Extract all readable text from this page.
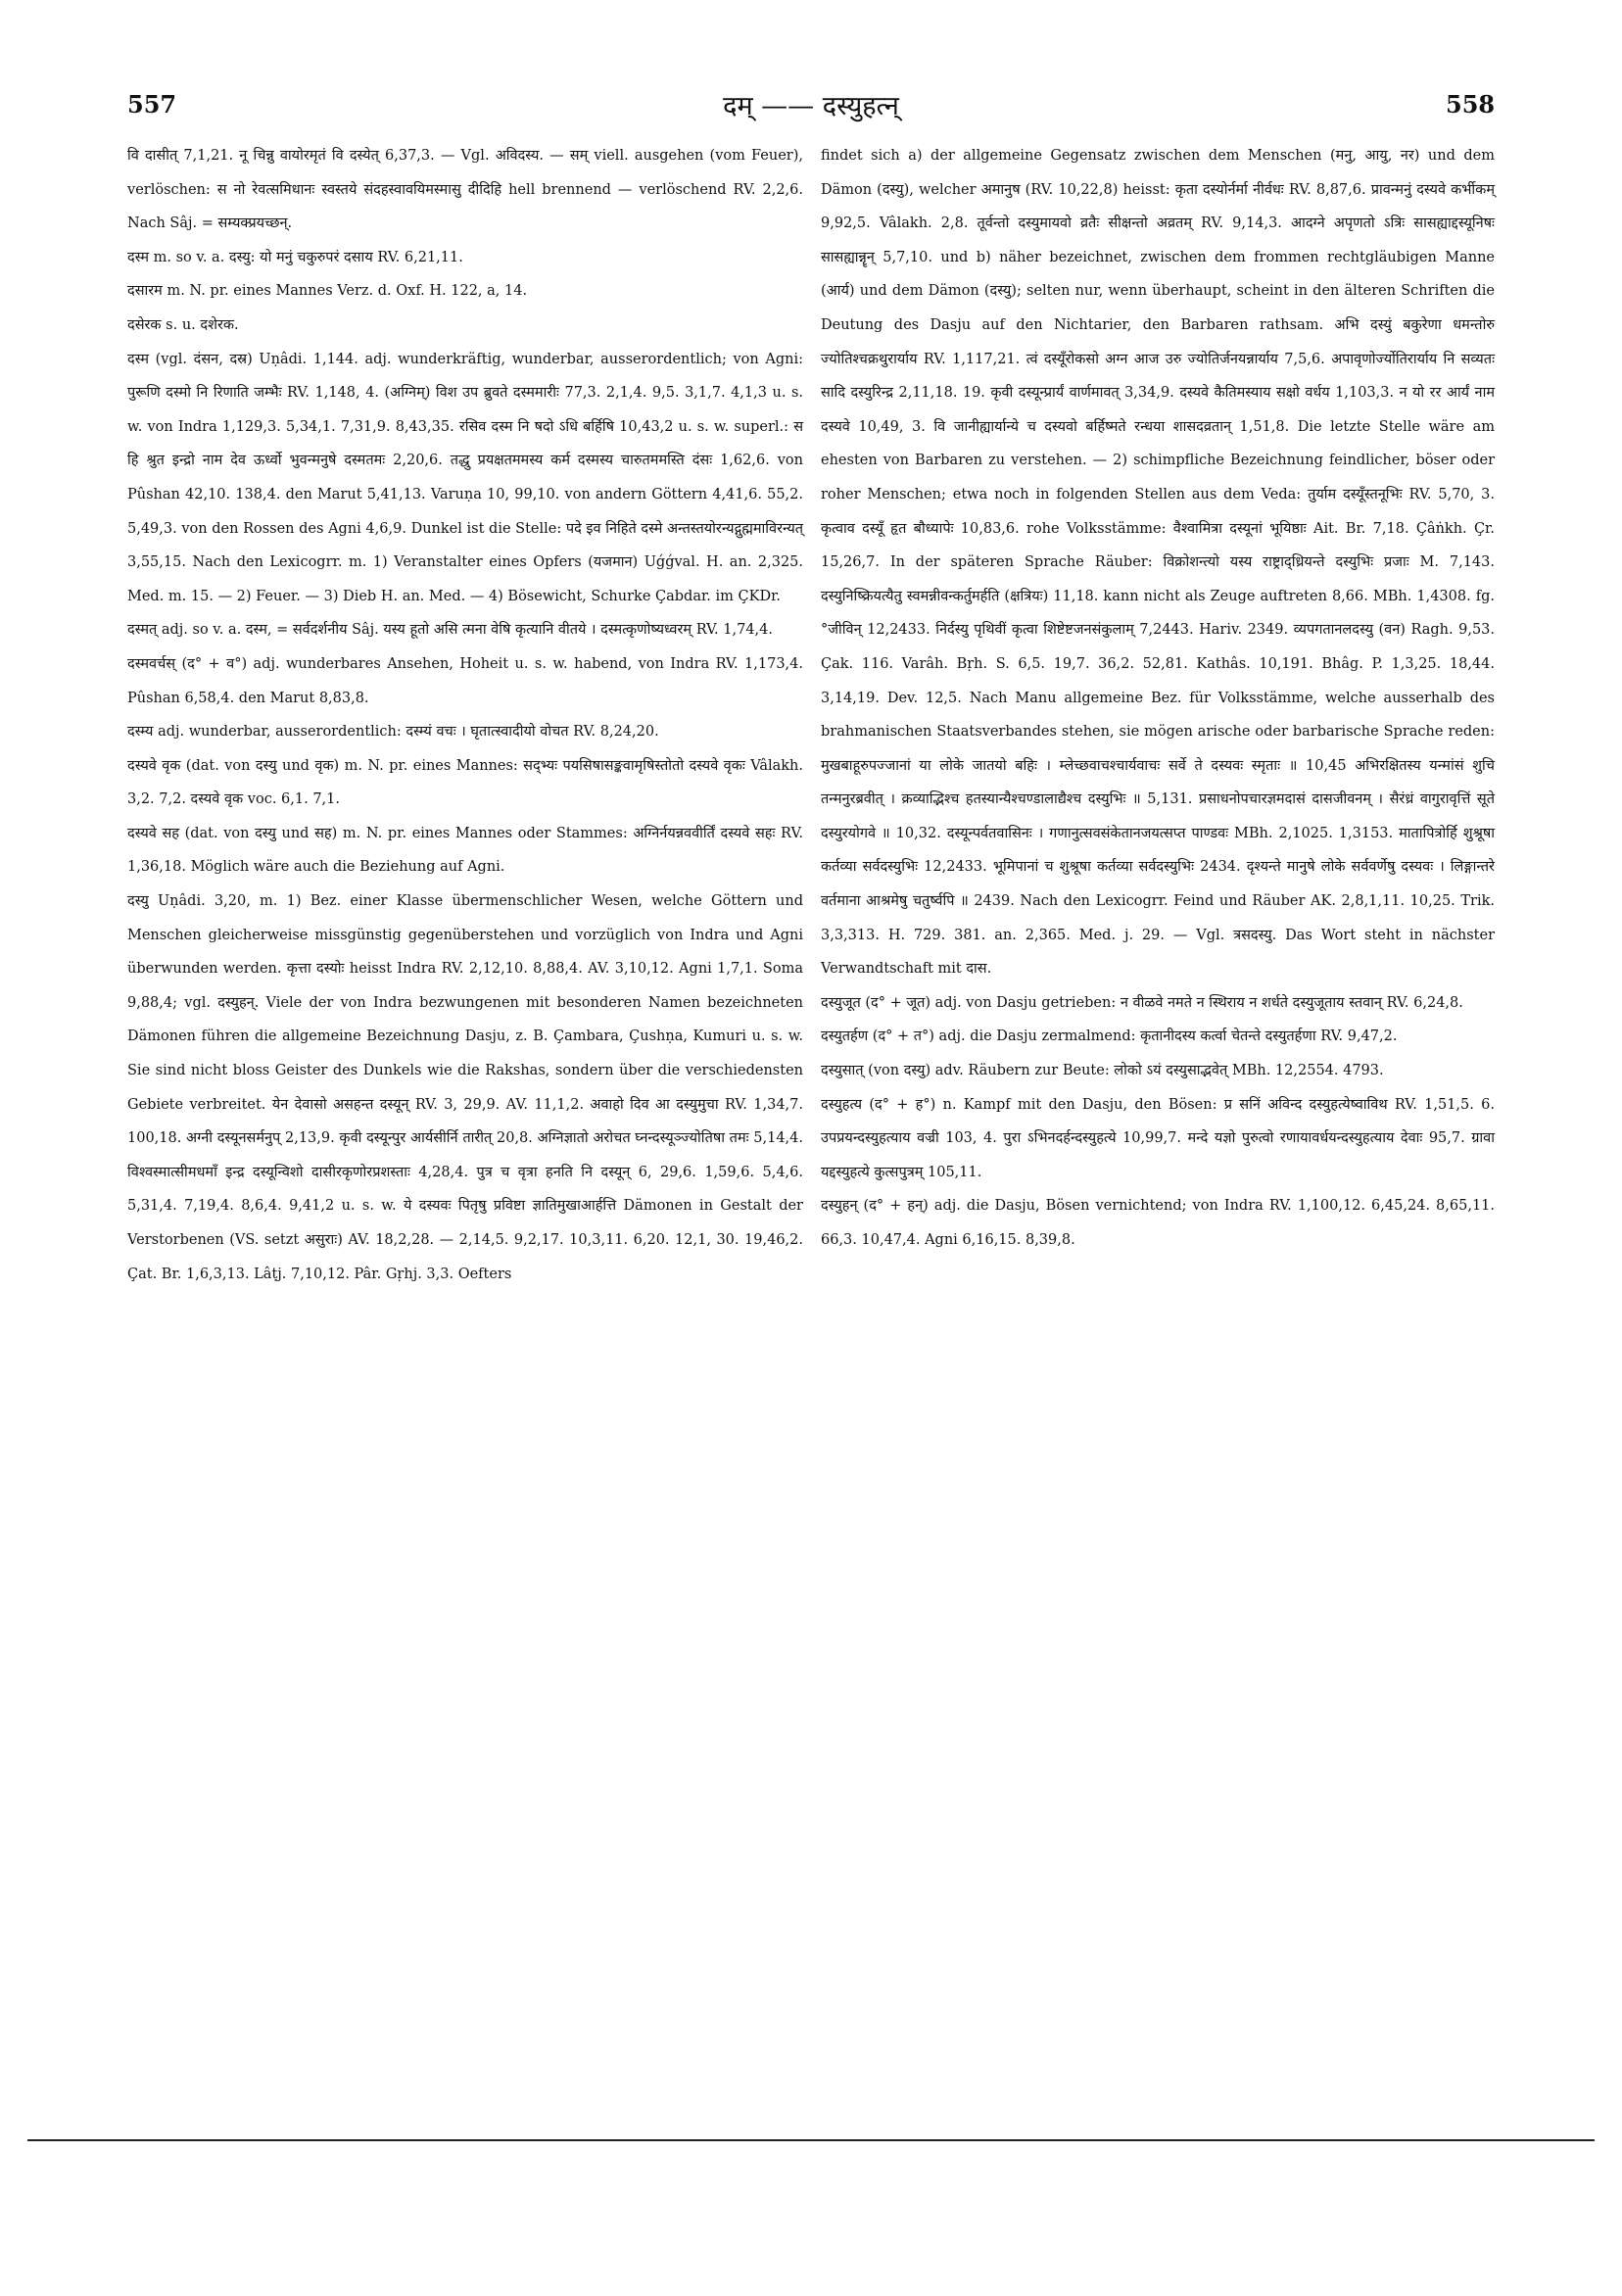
557	दम् —— दस्युहत्न्	558

वि दासीत् 7,1,21. नू चिन्नु वायोरमृतं वि दस्येत् 6,37,3. — Vgl. अविदस्य. — सम् viell. ausgehen (vom Feuer), verlöschen: स नो रेवत्समिधानः स्वस्तये संदहस्वावयिमस्मासु दीदिहि hell brennend — verlöschend RV. 2,2,6. Nach Sâj. = सम्यक्प्रयच्छन्.

दस्म m. so v. a. दस्यु: यो मनुं चकुरुपरं दसाय RV. 6,21,11.

दसारम m. N. pr. eines Mannes Verz. d. Oxf. H. 122, a, 14.

दसेरक s. u. दशेरक.

दस्म (vgl. दंसन, दस्र) Uṇâdi. 1,144. adj. wunderkräftig, wunderbar, ausserordentlich; von Agni: पुरूणि दस्मो नि रिणाति जम्भैः RV. 1,148, 4. (अग्निम्) विश उप ब्रुवते दस्ममारीः 77,3. 2,1,4. 9,5. 3,1,7. 4,1,3 u. s. w. von Indra 1,129,3. 5,34,1. 7,31,9. 8,43,35. रसिव दस्म नि षदो ऽधि बर्हिषि 10,43,2 u. s. w. superl.: स हि श्रुत इन्द्रो नाम देव ऊर्ध्वो भुवन्मनुषे दस्मतमः 2,20,6. तद्धु प्रयक्षतममस्य कर्म दस्मस्य चारुतममस्ति दंसः 1,62,6. von Pûshan 42,10. 138,4. den Marut 5,41,13. Varuṇa 10, 99,10. von andern Göttern 4,41,6. 55,2. 5,49,3. von den Rossen des Agni 4,6,9. Dunkel ist die Stelle: पदे इव निहिते दस्मे अन्तस्तयोरन्यद्गुह्ममाविरन्यत् 3,55,15. Nach den Lexicogrr. m. 1) Veranstalter eines Opfers (यजमान) Uǵǵval. H. an. 2,325. Med. m. 15. — 2) Feuer. — 3) Dieb H. an. Med. — 4) Bösewicht, Schurke Çabdar. im ÇKDr.

दस्मत् adj. so v. a. दस्म, = सर्वदर्शनीय Sâj. यस्य हूतो असि त्मना वेषि कृत्यानि वीतये । दस्मत्कृणोष्यध्वरम् RV. 1,74,4.

दस्मवर्चस् (द° + व°) adj. wunderbares Ansehen, Hoheit u. s. w. habend, von Indra RV. 1,173,4. Pûshan 6,58,4. den Marut 8,83,8.

दस्म्य adj. wunderbar, ausserordentlich: दस्म्यं वचः । घृतात्स्वादीयो वोचत RV. 8,24,20.

दस्यवे वृक (dat. von दस्यु und वृक) m. N. pr. eines Mannes: सद्भ्यः पयसिषासङ्कवामृषिस्तोतो दस्यवे वृकः Vâlakh. 3,2. 7,2. दस्यवे वृक voc. 6,1. 7,1.

दस्यवे सह (dat. von दस्यु und सह) m. N. pr. eines Mannes oder Stammes: अग्निर्नयन्नववीर्तिं दस्यवे सहः RV. 1,36,18. Möglich wäre auch die Beziehung auf Agni.

दस्यु Uṇâdi. 3,20, m. 1) Bez. einer Klasse übermenschlicher Wesen, welche Göttern und Menschen gleicherweise missgünstig gegenüberstehen und vorzüglich von Indra und Agni überwunden werden. कृत्ता दस्योः heisst Indra RV. 2,12,10. 8,88,4. AV. 3,10,12. Agni 1,7,1. Soma 9,88,4; vgl. दस्युहन्. Viele der von Indra bezwungenen mit besonderen Namen bezeichneten Dämonen führen die allgemeine Bezeichnung Dasju, z. B. Çambara, Çushṇa, Kumuri u. s. w. Sie sind nicht bloss Geister des Dunkels wie die Rakshas, sondern über die verschiedensten Gebiete verbreitet. येन देवासो असहन्त दस्यून् RV. 3, 29,9. AV. 11,1,2. अवाहो दिव आ दस्युमुचा RV. 1,34,7. 100,18. अग्नी दस्यूनसर्मनुप् 2,13,9. कृवी दस्यून्पुर आर्यसीर्नि तारीत् 20,8. अग्निज्ञातो अरोचत घ्नन्दस्यूञ्ज्योतिषा तमः 5,14,4. विश्वस्मात्सीमधमाँ इन्द्र दस्यून्विशो दासीरकृणोरप्रशस्ताः 4,28,4. पुत्र च वृत्रा हनति नि दस्यून् 6, 29,6. 1,59,6. 5,4,6. 5,31,4. 7,19,4. 8,6,4. 9,41,2 u. s. w. ये दस्यवः पितृषु प्रविष्टा ज्ञातिमुखाआर्हत्ति Dämonen in Gestalt der Verstorbenen (VS. setzt असुराः) AV. 18,2,28. — 2,14,5. 9,2,17. 10,3,11. 6,20. 12,1, 30. 19,46,2. Çat. Br. 1,6,3,13. Lâṭj. 7,10,12. Pâr. Gṛhj. 3,3. Oefters

findet sich a) der allgemeine Gegensatz zwischen dem Menschen (मनु, आयु, नर) und dem Dämon (दस्यु), welcher अमानुष (RV. 10,22,8) heisst: कृता दस्योर्नर्मा नीर्वधः RV. 8,87,6. प्रावन्मनुं दस्यवे कर्भीकम् 9,92,5. Vâlakh. 2,8. तूर्वन्तो दस्युमायवो व्रतैः सीक्षन्तो अव्रतम् RV. 9,14,3. आदग्ने अपृणतो ऽत्रिः सासह्याद्दस्यूनिषः सासह्यान्नॄन् 5,7,10. und b) näher bezeichnet, zwischen dem frommen rechtgläubigen Manne (आर्य) und dem Dämon (दस्यु); selten nur, wenn überhaupt, scheint in den älteren Schriften die Deutung des Dasju auf den Nichtarier, den Barbaren rathsam. अभि दस्युं बकुरेणा धमन्तोरु ज्योतिश्चक्रथुरार्याय RV. 1,117,21. त्वं दस्यूँरोकसो अग्न आज उरु ज्योतिर्जनयन्नार्याय 7,5,6. अपावृणोर्ज्योतिरार्याय नि सव्यतः सादि दस्युरिन्द्र 2,11,18. 19. कृवी दस्यून्प्रार्यं वार्णमावत् 3,34,9. दस्यवे कैतिमस्याय सक्षो वर्धय 1,103,3. न यो रर आर्यं नाम दस्यवे 10,49, 3. वि जानीह्यार्यान्ये च दस्यवो बर्हिष्मते रन्धया शासदव्रतान् 1,51,8. Die letzte Stelle wäre am ehesten von Barbaren zu verstehen. — 2) schimpfliche Bezeichnung feindlicher, böser oder roher Menschen; etwa noch in folgenden Stellen aus dem Veda: तुर्याम दस्यूँस्तनूभिः RV. 5,70, 3. कृत्वाव दस्यूँ हृत बौध्यापेः 10,83,6. rohe Volksstämme: वैश्वामित्रा दस्यूनां भूयिष्ठाः Ait. Br. 7,18. Çâṅkh. Çr. 15,26,7. In der späteren Sprache Räuber: विक्रोशन्त्यो यस्य राष्ट्राद्ध्रियन्ते दस्युभिः प्रजाः M. 7,143. दस्युनिष्क्रियत्यैतु स्वमन्नीवन्कर्तुमर्हति (क्षत्रियः) 11,18. kann nicht als Zeuge auftreten 8,66. MBh. 1,4308. fg. °जीविन् 12,2433. निर्दस्यु पृथिवीं कृत्वा शिष्टेष्टजनसंकुलाम् 7,2443. Hariv. 2349. व्यपगतानलदस्यु (वन) Ragh. 9,53. Çak. 116. Varâh. Bṛh. S. 6,5. 19,7. 36,2. 52,81. Kathâs. 10,191. Bhâg. P. 1,3,25. 18,44. 3,14,19. Dev. 12,5. Nach Manu allgemeine Bez. für Volksstämme, welche ausserhalb des brahmanischen Staatsverbandes stehen, sie mögen arische oder barbarische Sprache reden: मुखबाहूरुपज्जानां या लोके जातयो बहिः । म्लेच्छवाचश्चार्यवाचः सर्वे ते दस्यवः स्मृताः ॥ 10,45 अभिरक्षितस्य यन्मांसं शुचि तन्मनुरब्रवीत् । क्रव्याद्भिश्च हतस्यान्यैश्चण्डालाद्यैश्च दस्युभिः ॥ 5,131. प्रसाधनोपचारज्ञमदासं दासजीवनम् । सैरंध्रं वागुरावृत्तिं सूते दस्युरयोगवे ॥ 10,32. दस्यून्पर्वतवासिनः । गणानुत्सवसंकेतानजयत्सप्त पाण्डवः MBh. 2,1025. 1,3153. मातापित्रोर्हि शुश्रूषा कर्तव्या सर्वदस्युभिः 12,2433. भूमिपानां च शुश्रूषा कर्तव्या सर्वदस्युभिः 2434. दृश्यन्ते मानुषे लोके सर्ववर्णेषु दस्यवः । लिङ्गान्तरे वर्तमाना आश्रमेषु चतुर्ष्वपि ॥ 2439. Nach den Lexicogrr. Feind und Räuber AK. 2,8,1,11. 10,25. Trik. 3,3,313. H. 729. 381. an. 2,365. Med. j. 29. — Vgl. त्रसदस्यु. Das Wort steht in nächster Verwandtschaft mit दास.

दस्युजूत (द° + जूत) adj. von Dasju getrieben: न वीळवे नमते न स्थिराय न शर्धते दस्युजूताय स्तवान् RV. 6,24,8.

दस्युतर्हण (द° + त°) adj. die Dasju zermalmend: कृतानीदस्य कर्त्वा चेतन्ते दस्युतर्हणा RV. 9,47,2.

दस्युसात् (von दस्यु) adv. Räubern zur Beute: लोको ऽयं दस्युसाद्भवेत् MBh. 12,2554. 4793.

दस्युहत्य (द° + ह°) n. Kampf mit den Dasju, den Bösen: प्र सनिं अविन्द दस्युहत्येष्वाविथ RV. 1,51,5. 6. उपप्रयन्दस्युहत्याय वज्री 103, 4. पुरा ऽभिनदर्हन्दस्युहत्ये 10,99,7. मन्दे यज्ञो पुरुत्वो रणायावर्धयन्दस्युहत्याय देवाः 95,7. ग्रावा यद्दस्युहत्ये कुत्सपुत्रम् 105,11.

दस्युहन् (द° + हन्) adj. die Dasju, Bösen vernichtend; von Indra RV. 1,100,12. 6,45,24. 8,65,11. 66,3. 10,47,4. Agni 6,16,15. 8,39,8.
